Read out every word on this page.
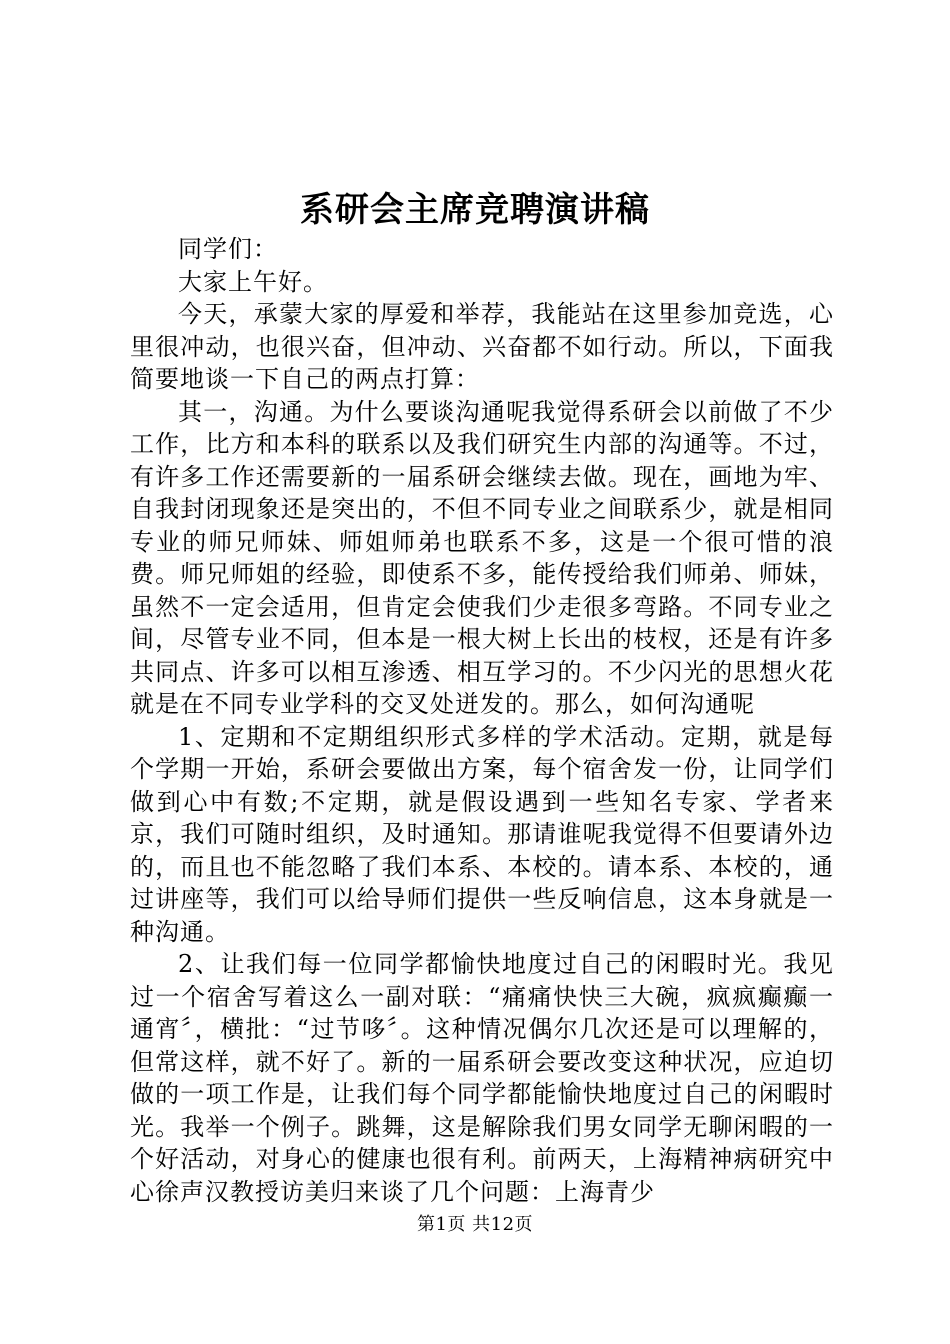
系研会主席竞聘演讲稿

同学们：

大家上午好。

今天，承蒙大家的厚爱和举荐，我能站在这里参加竞选，心里很冲动，也很兴奋，但冲动、兴奋都不如行动。所以，下面我简要地谈一下自己的两点打算：

其一，沟通。为什么要谈沟通呢我觉得系研会以前做了不少工作，比方和本科的联系以及我们研究生内部的沟通等。不过，有许多工作还需要新的一届系研会继续去做。现在，画地为牢、自我封闭现象还是突出的，不但不同专业之间联系少，就是相同专业的师兄师妹、师姐师弟也联系不多，这是一个很可惜的浪费。师兄师姐的经验，即使系不多，能传授给我们师弟、师妹，虽然不一定会适用，但肯定会使我们少走很多弯路。不同专业之间，尽管专业不同，但本是一根大树上长出的枝杈，还是有许多共同点、许多可以相互渗透、相互学习的。不少闪光的思想火花就是在不同专业学科的交叉处迸发的。那么，如何沟通呢

1、定期和不定期组织形式多样的学术活动。定期，就是每个学期一开始，系研会要做出方案，每个宿舍发一份，让同学们做到心中有数;不定期，就是假设遇到一些知名专家、学者来京，我们可随时组织，及时通知。那请谁呢我觉得不但要请外边的，而且也不能忽略了我们本系、本校的。请本系、本校的，通过讲座等，我们可以给导师们提供一些反响信息，这本身就是一种沟通。

2、让我们每一位同学都愉快地度过自己的闲暇时光。我见过一个宿舍写着这么一副对联：“痛痛快快三大碗，疯疯癫癫一通宵〞，横批：“过节哆〞。这种情况偶尔几次还是可以理解的，但常这样，就不好了。新的一届系研会要改变这种状况，应迫切做的一项工作是，让我们每个同学都能愉快地度过自己的闲暇时光。我举一个例子。跳舞，这是解除我们男女同学无聊闲暇的一个好活动，对身心的健康也很有利。前两天，上海精神病研究中心徐声汉教授访美归来谈了几个问题：上海青少

第1页 共12页
